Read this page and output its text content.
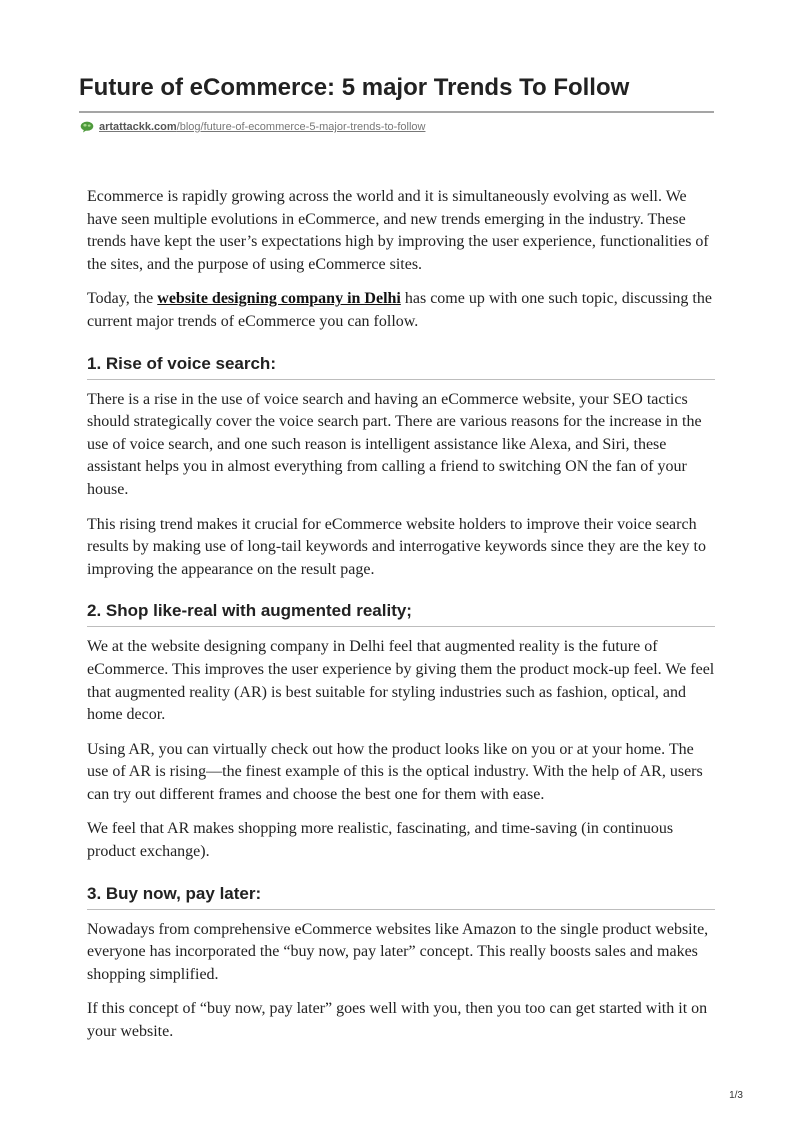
Future of eCommerce: 5 major Trends To Follow
artattackk.com/blog/future-of-ecommerce-5-major-trends-to-follow

Ecommerce is rapidly growing across the world and it is simultaneously evolving as well. We have seen multiple evolutions in eCommerce, and new trends emerging in the industry. These trends have kept the user’s expectations high by improving the user experience, functionalities of the sites, and the purpose of using eCommerce sites.

Today, the website designing company in Delhi has come up with one such topic, discussing the current major trends of eCommerce you can follow.

1. Rise of voice search:

There is a rise in the use of voice search and having an eCommerce website, your SEO tactics should strategically cover the voice search part. There are various reasons for the increase in the use of voice search, and one such reason is intelligent assistance like Alexa, and Siri, these assistant helps you in almost everything from calling a friend to switching ON the fan of your house.

This rising trend makes it crucial for eCommerce website holders to improve their voice search results by making use of long-tail keywords and interrogative keywords since they are the key to improving the appearance on the result page.

2. Shop like-real with augmented reality;

We at the website designing company in Delhi feel that augmented reality is the future of eCommerce. This improves the user experience by giving them the product mock-up feel. We feel that augmented reality (AR) is best suitable for styling industries such as fashion, optical, and home decor.

Using AR, you can virtually check out how the product looks like on you or at your home. The use of AR is rising—the finest example of this is the optical industry. With the help of AR, users can try out different frames and choose the best one for them with ease.

We feel that AR makes shopping more realistic, fascinating, and time-saving (in continuous product exchange).

3. Buy now, pay later:

Nowadays from comprehensive eCommerce websites like Amazon to the single product website, everyone has incorporated the “buy now, pay later” concept. This really boosts sales and makes shopping simplified.

If this concept of “buy now, pay later” goes well with you, then you too can get started with it on your website.

1/3
